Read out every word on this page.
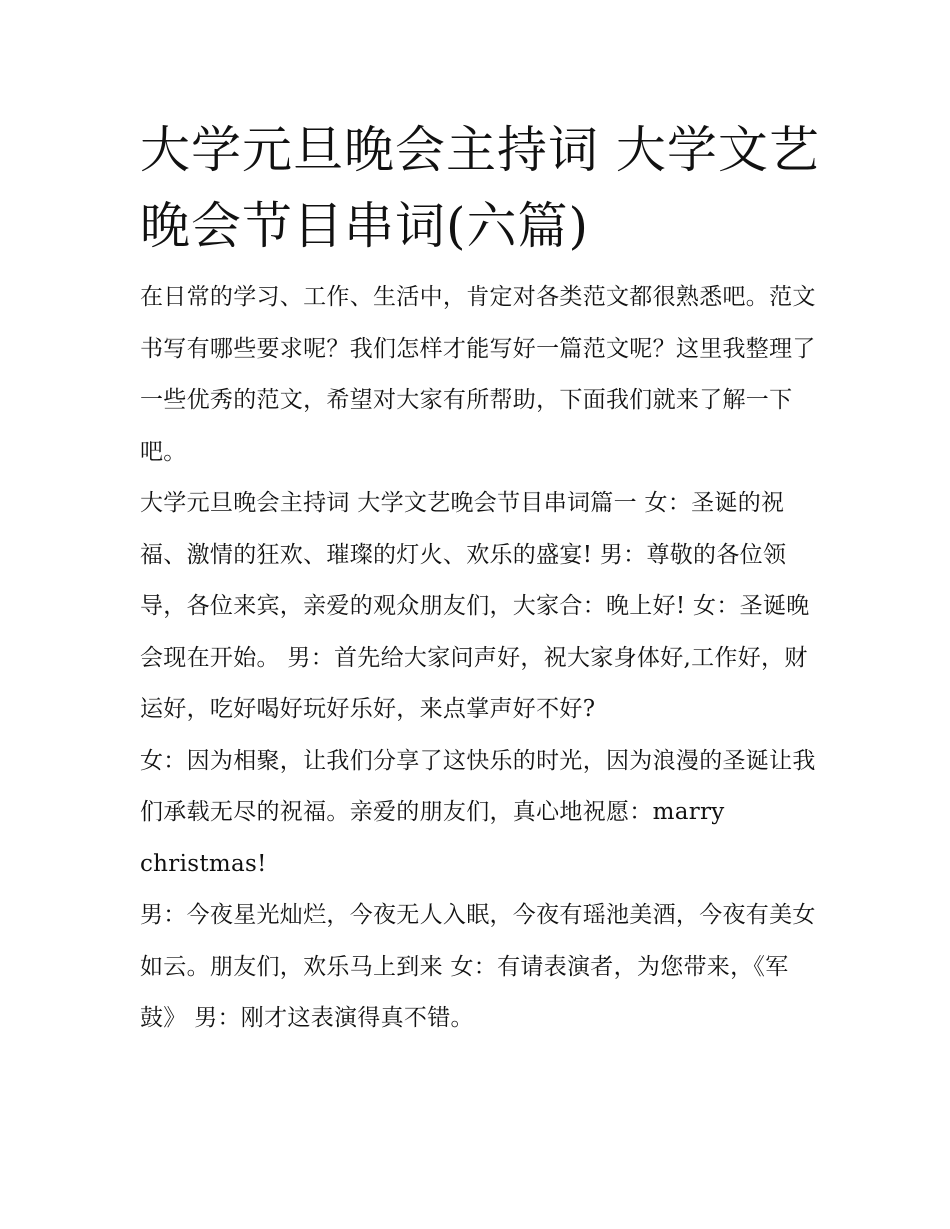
大学元旦晚会主持词 大学文艺晚会节目串词(六篇)

在日常的学习、工作、生活中，肯定对各类范文都很熟悉吧。范文书写有哪些要求呢？我们怎样才能写好一篇范文呢？这里我整理了一些优秀的范文，希望对大家有所帮助，下面我们就来了解一下吧。

大学元旦晚会主持词 大学文艺晚会节目串词篇一 女：圣诞的祝福、激情的狂欢、璀璨的灯火、欢乐的盛宴! 男：尊敬的各位领导，各位来宾，亲爱的观众朋友们，大家合：晚上好! 女：圣诞晚会现在开始。 男：首先给大家问声好，祝大家身体好,工作好，财运好，吃好喝好玩好乐好，来点掌声好不好?

女：因为相聚，让我们分享了这快乐的时光，因为浪漫的圣诞让我们承载无尽的祝福。亲爱的朋友们，真心地祝愿：marry christmas!

男：今夜星光灿烂，今夜无人入眠，今夜有瑶池美酒，今夜有美女如云。朋友们，欢乐马上到来 女：有请表演者，为您带来，《军鼓》 男：刚才这表演得真不错。
